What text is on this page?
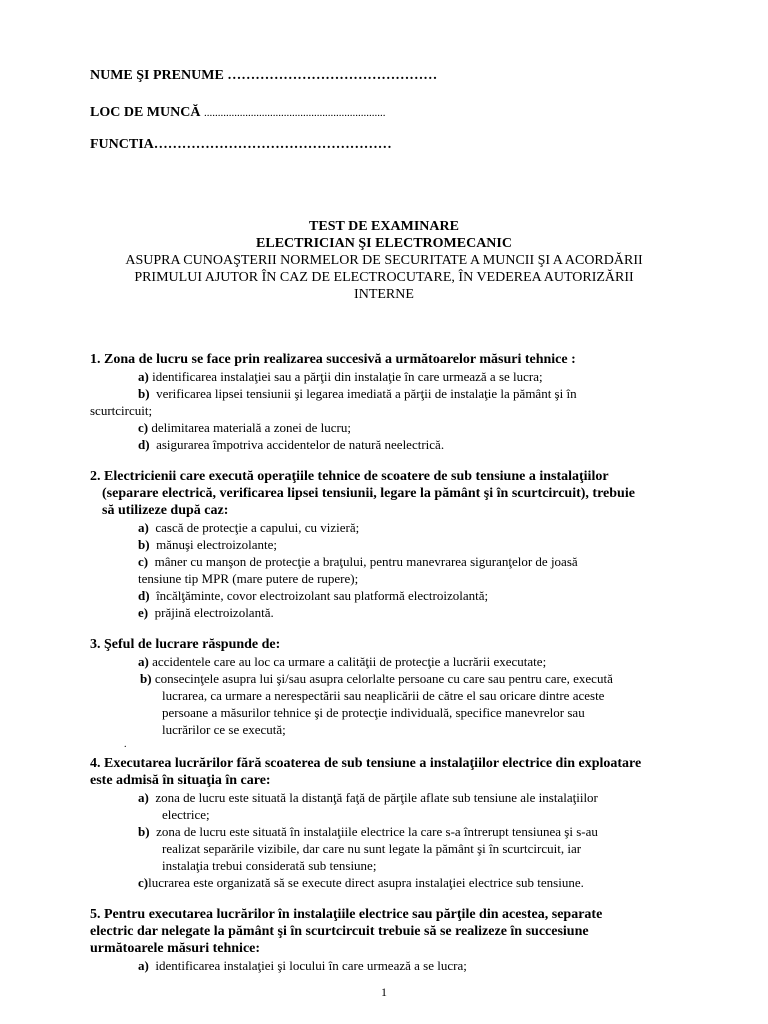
NUME ŞI PRENUME ………………………………………
LOC DE MUNCĂ ..................................................................
FUNCTIA……………………………………………
TEST DE EXAMINARE
ELECTRICIAN ŞI ELECTROMECANIC
ASUPRA CUNOAŞTERII NORMELOR DE SECURITATE A MUNCII ŞI A ACORDĂRII
PRIMULUI AJUTOR ÎN CAZ DE ELECTROCUTARE, ÎN VEDEREA AUTORIZĂRII
INTERNE
1. Zona de lucru se face prin realizarea succesivă a următoarelor măsuri tehnice :
a) identificarea instalaţiei sau a părţii din instalaţie în care urmează a se lucra;
b) verificarea lipsei tensiunii şi legarea imediată a părţii de instalaţie la pământ şi în
scurtcircuit;
c) delimitarea materială a zonei de lucru;
d) asigurarea împotriva accidentelor de natură neelectrică.
2. Electricienii care execută operaţiile tehnice de scoatere de sub tensiune a instalaţiilor
(separare electrică, verificarea lipsei tensiunii, legare la pământ şi în scurtcircuit), trebuie
să utilizeze după caz:
a) cască de protecţie a capului, cu vizieră;
b) mănuşi electroizolante;
c) mâner cu manşon de protecţie a braţului, pentru manevrarea siguranţelor de joasă
tensiune tip MPR (mare putere de rupere);
d) încălţăminte, covor electroizolant sau platformă electroizolantă;
e) prăjină electroizolantă.
3. Şeful de lucrare răspunde de:
a) accidentele care au loc ca urmare a calităţii de protecţie a lucrării executate;
b) consecinţele asupra lui şi/sau asupra celorlalte persoane cu care sau pentru care, execută
lucrarea, ca urmare a nerespectării sau neaplicării de către el sau oricare dintre aceste
persoane a măsurilor tehnice şi de protecţie individuală, specifice manevrelor sau
lucrărilor ce se execută;
.
4. Executarea lucrărilor fără scoaterea de sub tensiune a instalaţiilor electrice din exploatare
este admisă în situaţia în care:
a) zona de lucru este situată la distanţă faţă de părţile aflate sub tensiune ale instalaţiilor
electrice;
b) zona de lucru este situată în instalaţiile electrice la care s-a întrerupt tensiunea şi s-au
realizat separările vizibile, dar care nu sunt legate la pământ şi în scurtcircuit, iar
instalaţia trebui considerată sub tensiune;
c)lucrarea este organizată să se execute direct asupra instalaţiei electrice sub tensiune.
5. Pentru executarea lucrărilor în instalaţiile electrice sau părţile din acestea, separate
electric dar nelegate la pământ şi în scurtcircuit trebuie să se realizeze în succesiune
următoarele măsuri tehnice:
a) identificarea instalaţiei şi locului în care urmează a se lucra;
1
